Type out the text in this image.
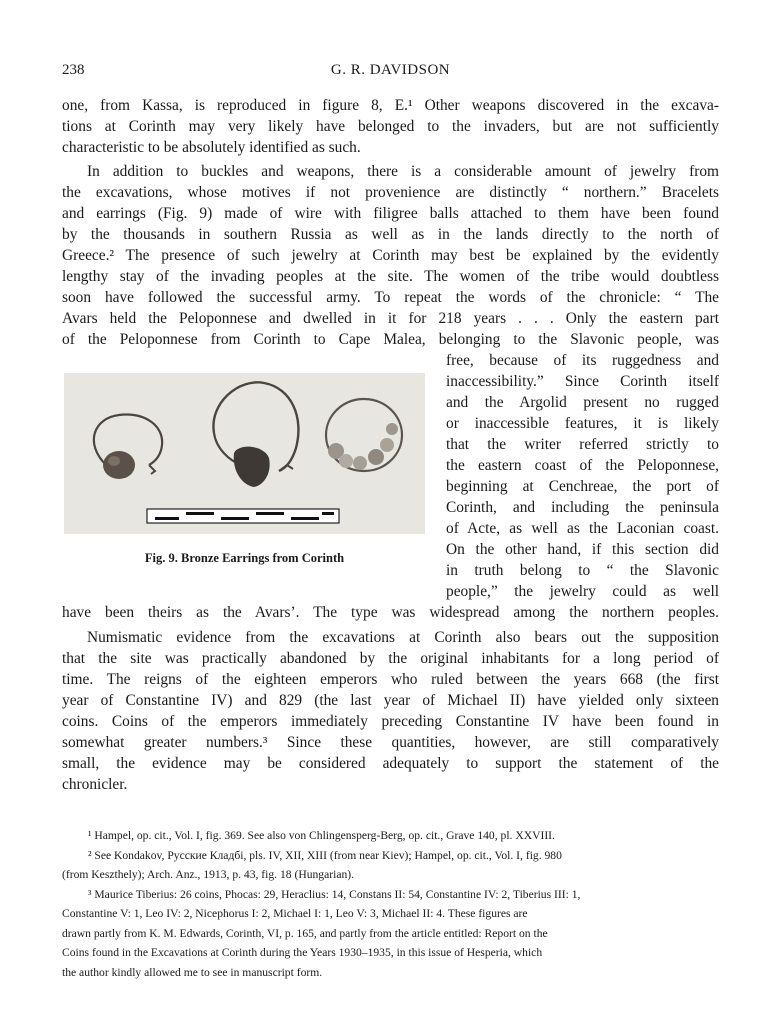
238	G. R. DAVIDSON
one, from Kassa, is reproduced in figure 8, E.¹ Other weapons discovered in the excava-
tions at Corinth may very likely have belonged to the invaders, but are not sufficiently
characteristic to be absolutely identified as such.
In addition to buckles and weapons, there is a considerable amount of jewelry from
the excavations, whose motives if not provenience are distinctly “ northern.” Bracelets
and earrings (Fig. 9) made of wire with filigree balls attached to them have been found
by the thousands in southern Russia as well as in the lands directly to the north of
Greece.² The presence of such jewelry at Corinth may best be explained by the evidently
lengthy stay of the invading peoples at the site. The women of the tribe would doubtless
soon have followed the successful army. To repeat the words of the chronicle: “ The
Avars held the Peloponnese and dwelled in it for 218 years . . . Only the eastern part
of the Peloponnese from Corinth to Cape Malea, belonging to the Slavonic people, was
free, because of its ruggedness and
inaccessibility.” Since Corinth itself
and the Argolid present no rugged
or inaccessible features, it is likely
that the writer referred strictly to
the eastern coast of the Peloponnese,
beginning at Cenchreae, the port of
Corinth, and including the peninsula
of Acte, as well as the Laconian coast.
On the other hand, if this section did
in truth belong to “ the Slavonic
people,” the jewelry could as well
have been theirs as the Avars’. The type was widespread among the northern peoples.
Fig. 9. Bronze Earrings from Corinth
Numismatic evidence from the excavations at Corinth also bears out the supposition
that the site was practically abandoned by the original inhabitants for a long period of
time. The reigns of the eighteen emperors who ruled between the years 668 (the first
year of Constantine IV) and 829 (the last year of Michael II) have yielded only sixteen
coins. Coins of the emperors immediately preceding Constantine IV have been found in
somewhat greater numbers.³ Since these quantities, however, are still comparatively
small, the evidence may be considered adequately to support the statement of the
chronicler.
¹ Hampel, op. cit., Vol. I, fig. 369. See also von Chlingensperg-Berg, op. cit., Grave 140, pl. XXVIII.
² See Kondakov, Русские Кладбi, pls. IV, XII, XIII (from near Kiev); Hampel, op. cit., Vol. I, fig. 980
(from Keszthely); Arch. Anz., 1913, p. 43, fig. 18 (Hungarian).
³ Maurice Tiberius: 26 coins, Phocas: 29, Heraclius: 14, Constans II: 54, Constantine IV: 2, Tiberius III: 1,
Constantine V: 1, Leo IV: 2, Nicephorus I: 2, Michael I: 1, Leo V: 3, Michael II: 4. These figures are
drawn partly from K. M. Edwards, Corinth, VI, p. 165, and partly from the article entitled: Report on the
Coins found in the Excavations at Corinth during the Years 1930–1935, in this issue of Hesperia, which
the author kindly allowed me to see in manuscript form.
